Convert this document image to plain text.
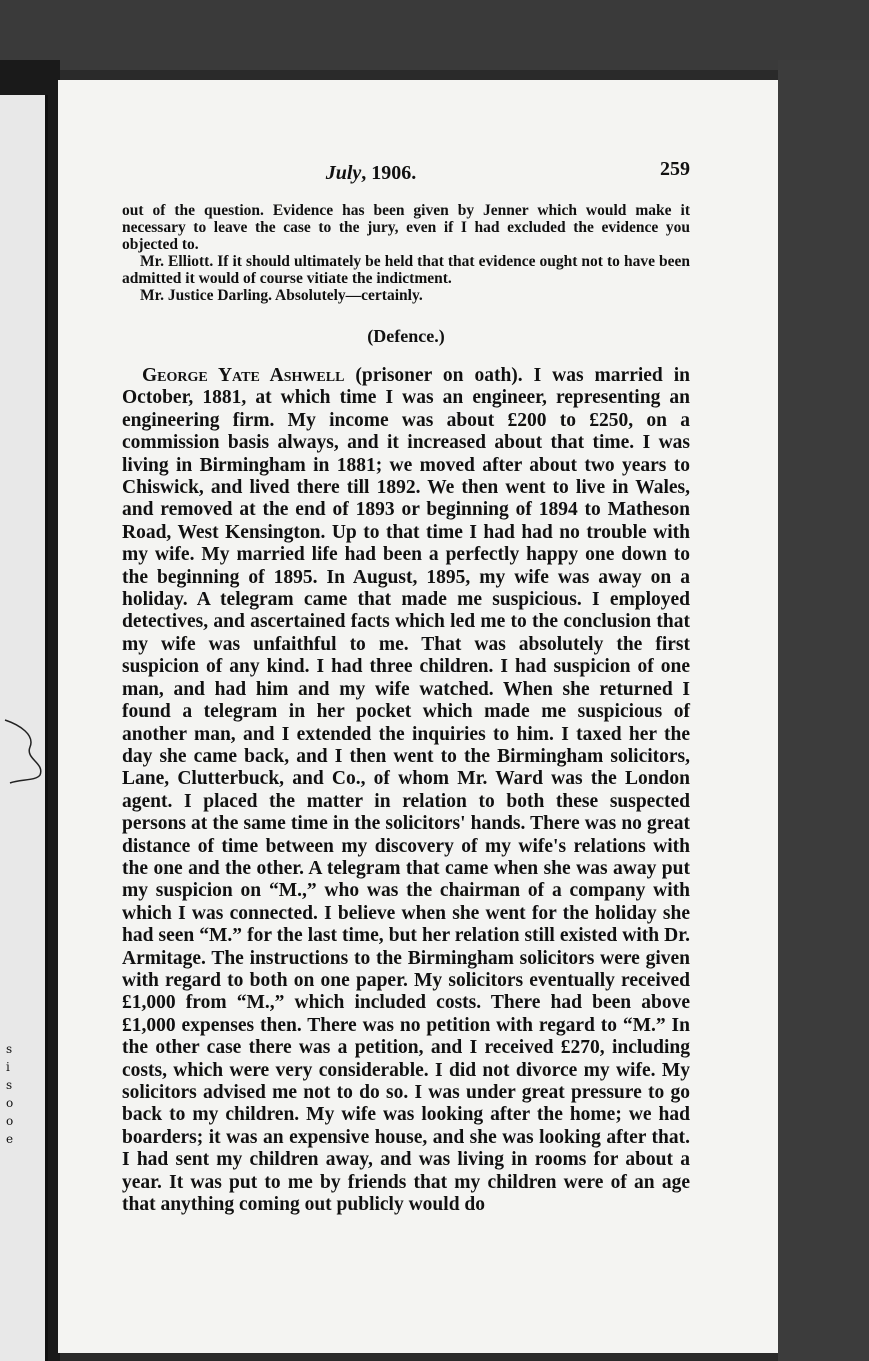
s
i
s
o
o
e
July, 1906.	259

out of the question. Evidence has been given by Jenner which would make it necessary to leave the case to the jury, even if I had excluded the evidence you objected to.

Mr. Elliott. If it should ultimately be held that that evidence ought not to have been admitted it would of course vitiate the indictment.

Mr. Justice Darling. Absolutely—certainly.

(Defence.)

George Yate Ashwell (prisoner on oath). I was married in October, 1881, at which time I was an engineer, representing an engineering firm. My income was about £200 to £250, on a commission basis always, and it increased about that time. I was living in Birmingham in 1881; we moved after about two years to Chiswick, and lived there till 1892. We then went to live in Wales, and removed at the end of 1893 or beginning of 1894 to Matheson Road, West Kensington. Up to that time I had had no trouble with my wife. My married life had been a perfectly happy one down to the beginning of 1895. In August, 1895, my wife was away on a holiday. A telegram came that made me suspicious. I employed detectives, and ascertained facts which led me to the conclusion that my wife was unfaithful to me. That was absolutely the first suspicion of any kind. I had three children. I had suspicion of one man, and had him and my wife watched. When she returned I found a telegram in her pocket which made me suspicious of another man, and I extended the inquiries to him. I taxed her the day she came back, and I then went to the Birmingham solicitors, Lane, Clutterbuck, and Co., of whom Mr. Ward was the London agent. I placed the matter in relation to both these suspected persons at the same time in the solicitors' hands. There was no great distance of time between my discovery of my wife's relations with the one and the other. A telegram that came when she was away put my suspicion on “M.,” who was the chairman of a company with which I was connected. I believe when she went for the holiday she had seen “M.” for the last time, but her relation still existed with Dr. Armitage. The instructions to the Birmingham solicitors were given with regard to both on one paper. My solicitors eventually received £1,000 from “M.,” which included costs. There had been above £1,000 expenses then. There was no petition with regard to “M.” In the other case there was a petition, and I received £270, including costs, which were very considerable. I did not divorce my wife. My solicitors advised me not to do so. I was under great pressure to go back to my children. My wife was looking after the home; we had boarders; it was an expensive house, and she was looking after that. I had sent my children away, and was living in rooms for about a year. It was put to me by friends that my children were of an age that anything coming out publicly would do
